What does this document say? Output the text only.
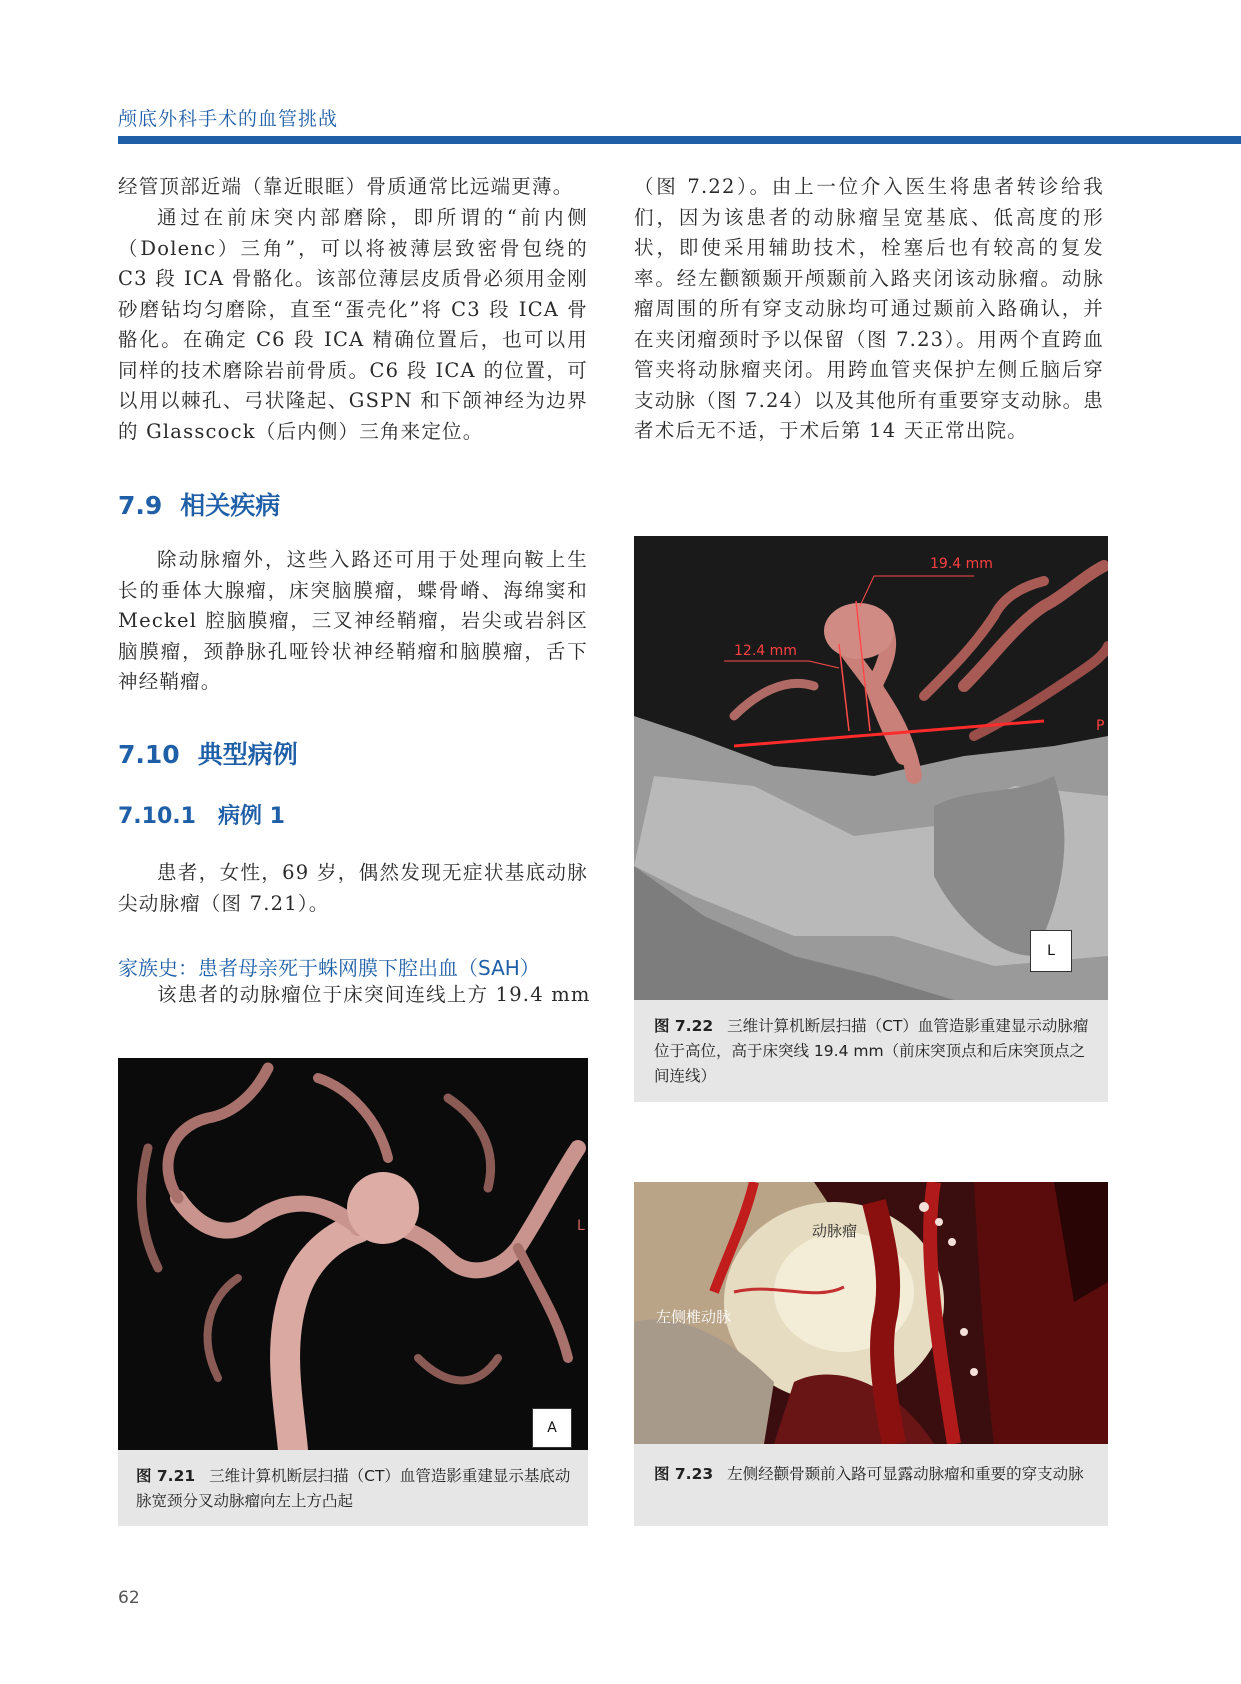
颅底外科手术的血管挑战
经管顶部近端（靠近眼眶）骨质通常比远端更薄。
通过在前床突内部磨除，即所谓的“前内侧（Dolenc）三角”，可以将被薄层致密骨包绕的 C3 段 ICA 骨骼化。该部位薄层皮质骨必须用金刚砂磨钻均匀磨除，直至“蛋壳化”将 C3 段 ICA 骨骼化。在确定 C6 段 ICA 精确位置后，也可以用同样的技术磨除岩前骨质。C6 段 ICA 的位置，可以用以棘孔、弓状隆起、GSPN 和下颌神经为边界的 Glasscock（后内侧）三角来定位。
7.9 相关疾病
除动脉瘤外，这些入路还可用于处理向鞍上生长的垂体大腺瘤，床突脑膜瘤，蝶骨嵴、海绵窦和 Meckel 腔脑膜瘤，三叉神经鞘瘤，岩尖或岩斜区脑膜瘤，颈静脉孔哑铃状神经鞘瘤和脑膜瘤，舌下神经鞘瘤。
7.10 典型病例
7.10.1 病例 1
患者，女性，69 岁，偶然发现无症状基底动脉尖动脉瘤（图 7.21）。
家族史：患者母亲死于蛛网膜下腔出血（SAH）
该患者的动脉瘤位于床突间连线上方 19.4 mm
（图 7.22）。由上一位介入医生将患者转诊给我们，因为该患者的动脉瘤呈宽基底、低高度的形状，即使采用辅助技术，栓塞后也有较高的复发率。经左颧额颞开颅颞前入路夹闭该动脉瘤。动脉瘤周围的所有穿支动脉均可通过颞前入路确认，并在夹闭瘤颈时予以保留（图 7.23）。用两个直跨血管夹将动脉瘤夹闭。用跨血管夹保护左侧丘脑后穿支动脉（图 7.24）以及其他所有重要穿支动脉。患者术后无不适，于术后第 14 天正常出院。
19.4 mm
12.4 mm
P
L
图 7.22 三维计算机断层扫描（CT）血管造影重建显示动脉瘤位于高位，高于床突线 19.4 mm（前床突顶点和后床突顶点之间连线）
L
A
图 7.21 三维计算机断层扫描（CT）血管造影重建显示基底动脉宽颈分叉动脉瘤向左上方凸起
动脉瘤
左侧椎动脉
图 7.23 左侧经颧骨颞前入路可显露动脉瘤和重要的穿支动脉
62
